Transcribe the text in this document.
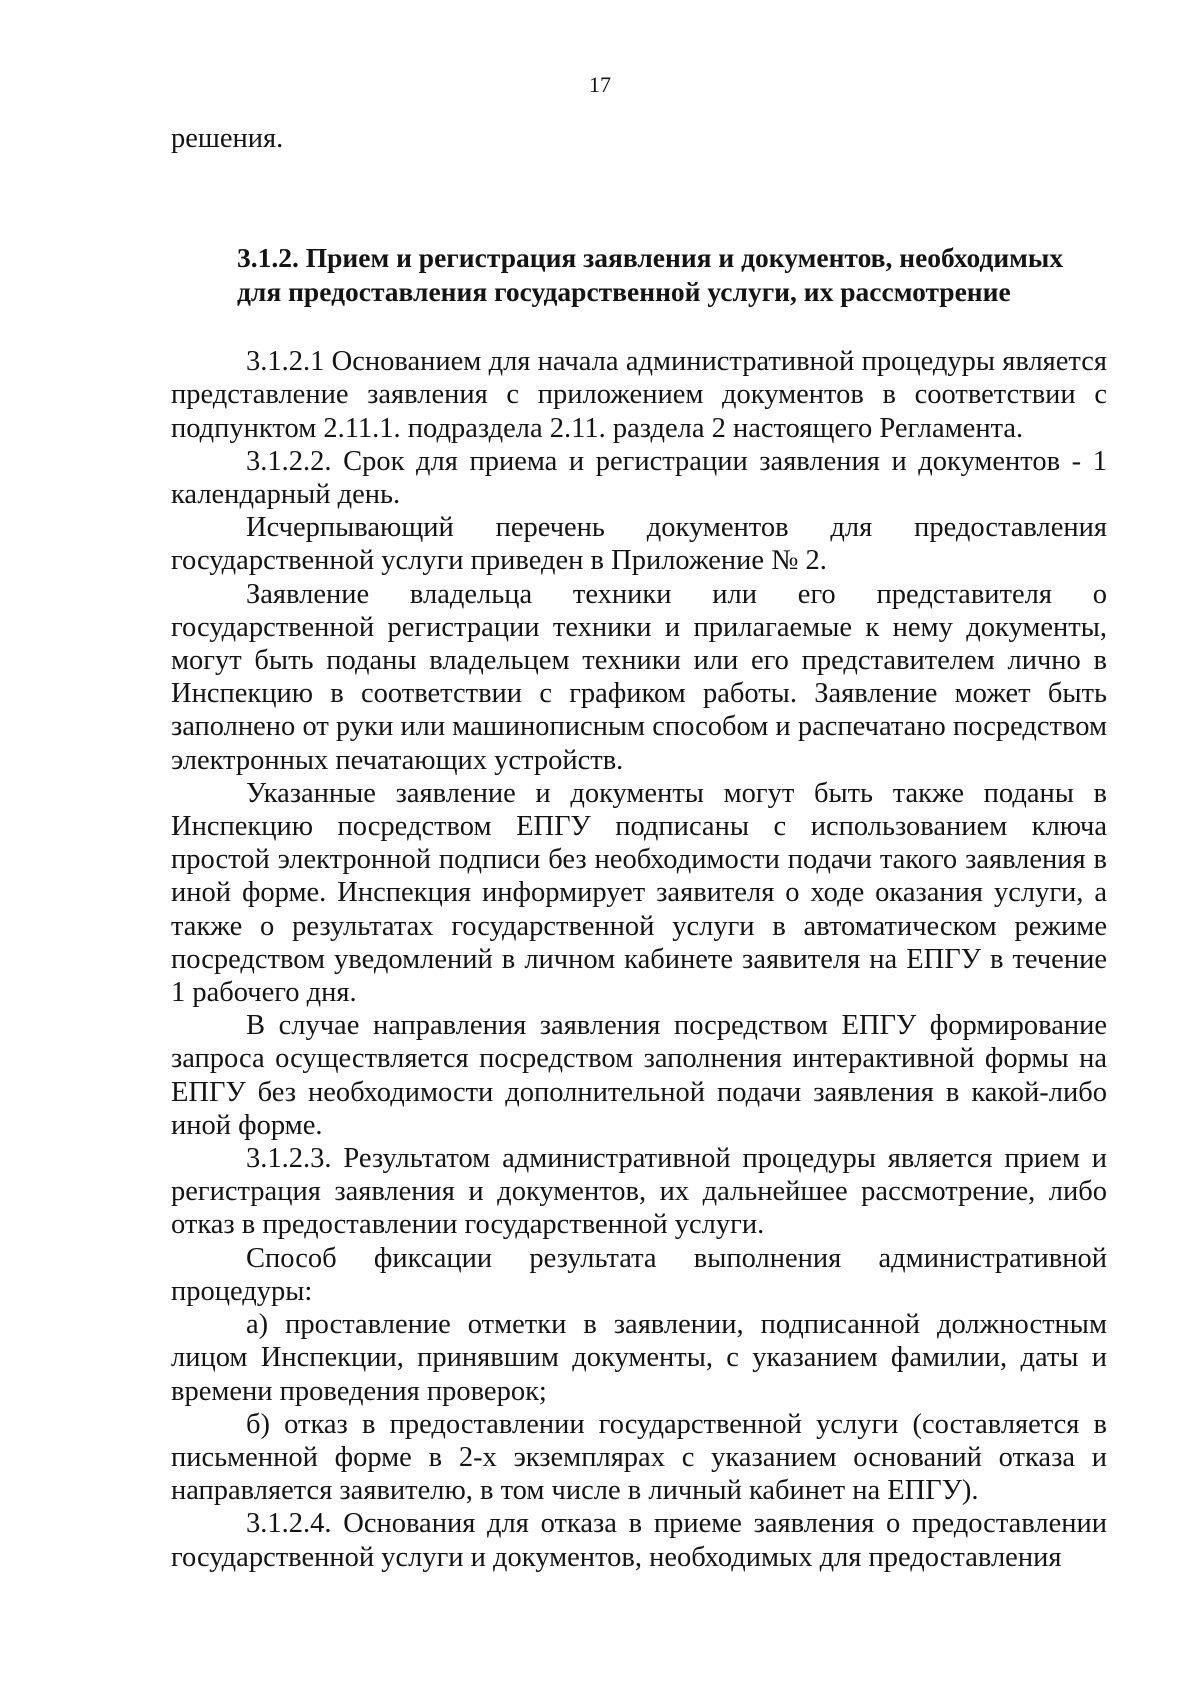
17

решения.

3.1.2. Прием и регистрация заявления и документов, необходимых для предоставления государственной услуги, их рассмотрение

3.1.2.1 Основанием для начала административной процедуры является представление заявления с приложением документов в соответствии с подпунктом 2.11.1. подраздела 2.11. раздела 2 настоящего Регламента.

3.1.2.2. Срок для приема и регистрации заявления и документов - 1 календарный день.

Исчерпывающий перечень документов для предоставления государственной услуги приведен в Приложение № 2.

Заявление владельца техники или его представителя о государственной регистрации техники и прилагаемые к нему документы, могут быть поданы владельцем техники или его представителем лично в Инспекцию в соответствии с графиком работы. Заявление может быть заполнено от руки или машинописным способом и распечатано посредством электронных печатающих устройств.

Указанные заявление и документы могут быть также поданы в Инспекцию посредством ЕПГУ подписаны с использованием ключа простой электронной подписи без необходимости подачи такого заявления в иной форме. Инспекция информирует заявителя о ходе оказания услуги, а также о результатах государственной услуги в автоматическом режиме посредством уведомлений в личном кабинете заявителя на ЕПГУ в течение 1 рабочего дня.

В случае направления заявления посредством ЕПГУ формирование запроса осуществляется посредством заполнения интерактивной формы на ЕПГУ без необходимости дополнительной подачи заявления в какой-либо иной форме.

3.1.2.3. Результатом административной процедуры является прием и регистрация заявления и документов, их дальнейшее рассмотрение, либо отказ в предоставлении государственной услуги.

Способ фиксации результата выполнения административной процедуры:

а) проставление отметки в заявлении, подписанной должностным лицом Инспекции, принявшим документы, с указанием фамилии, даты и времени проведения проверок;

б) отказ в предоставлении государственной услуги (составляется в письменной форме в 2-х экземплярах с указанием оснований отказа и направляется заявителю, в том числе в личный кабинет на ЕПГУ).

3.1.2.4. Основания для отказа в приеме заявления о предоставлении государственной услуги и документов, необходимых для предоставления
